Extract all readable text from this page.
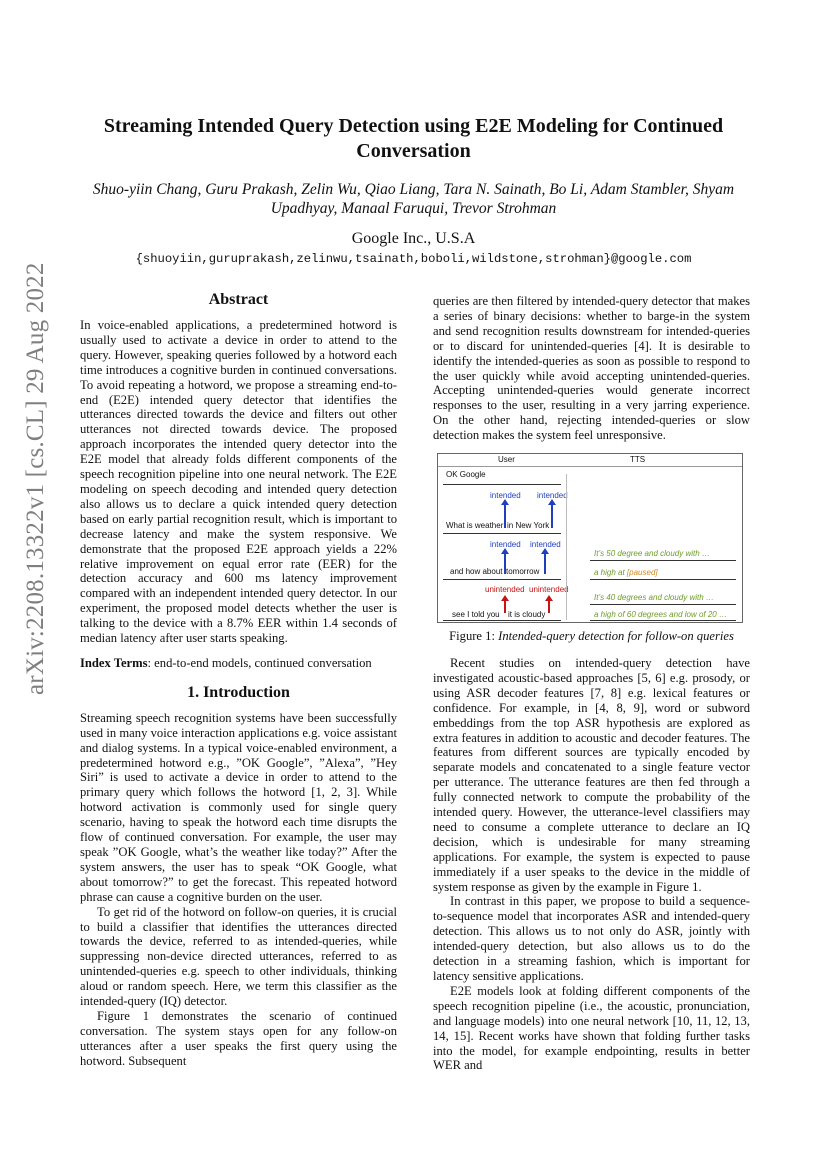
arXiv:2208.13322v1 [cs.CL] 29 Aug 2022
Streaming Intended Query Detection using E2E Modeling for Continued Conversation

Shuo-yiin Chang, Guru Prakash, Zelin Wu, Qiao Liang, Tara N. Sainath, Bo Li, Adam Stambler, Shyam Upadhyay, Manaal Faruqui, Trevor Strohman

Google Inc., U.S.A
{shuoyiin,guruprakash,zelinwu,tsainath,boboli,wildstone,strohman}@google.com
Abstract

In voice-enabled applications, a predetermined hotword is usually used to activate a device in order to attend to the query. However, speaking queries followed by a hotword each time introduces a cognitive burden in continued conversations. To avoid repeating a hotword, we propose a streaming end-to-end (E2E) intended query detector that identifies the utterances directed towards the device and filters out other utterances not directed towards device. The proposed approach incorporates the intended query detector into the E2E model that already folds different components of the speech recognition pipeline into one neural network. The E2E modeling on speech decoding and intended query detection also allows us to declare a quick intended query detection based on early partial recognition result, which is important to decrease latency and make the system responsive. We demonstrate that the proposed E2E approach yields a 22% relative improvement on equal error rate (EER) for the detection accuracy and 600 ms latency improvement compared with an independent intended query detector. In our experiment, the proposed model detects whether the user is talking to the device with a 8.7% EER within 1.4 seconds of median latency after user starts speaking.

Index Terms: end-to-end models, continued conversation

1. Introduction

Streaming speech recognition systems have been successfully used in many voice interaction applications e.g. voice assistant and dialog systems. In a typical voice-enabled environment, a predetermined hotword e.g., ”OK Google”, ”Alexa”, ”Hey Siri” is used to activate a device in order to attend to the primary query which follows the hotword [1, 2, 3]. While hotword activation is commonly used for single query scenario, having to speak the hotword each time disrupts the flow of continued conversation. For example, the user may speak ”OK Google, what’s the weather like today?” After the system answers, the user has to speak “OK Google, what about tomorrow?” to get the forecast. This repeated hotword phrase can cause a cognitive burden on the user.

To get rid of the hotword on follow-on queries, it is crucial to build a classifier that identifies the utterances directed towards the device, referred to as intended-queries, while suppressing non-device directed utterances, referred to as unintended-queries e.g. speech to other individuals, thinking aloud or random speech. Here, we term this classifier as the intended-query (IQ) detector.

Figure 1 demonstrates the scenario of continued conversation. The system stays open for any follow-on utterances after a user speaks the first query using the hotword. Subsequent

queries are then filtered by intended-query detector that makes a series of binary decisions: whether to barge-in the system and send recognition results downstream for intended-queries or to discard for unintended-queries [4]. It is desirable to identify the intended-queries as soon as possible to respond to the user quickly while avoid accepting unintended-queries. Accepting unintended-queries would generate incorrect responses to the user, resulting in a very jarring experience. On the other hand, rejecting intended-queries or slow detection makes the system feel unresponsive.

User	TTS
OK Google
intended intended
What is weather in New York
intended intended
and how about tomorrow
It’s 50 degree and cloudy with …
a high at [paused]
unintended unintended
see I told you it is cloudy
It’s 40 degrees and cloudy with …
a high of 60 degrees and low of 20 …

Figure 1: Intended-query detection for follow-on queries

Recent studies on intended-query detection have investigated acoustic-based approaches [5, 6] e.g. prosody, or using ASR decoder features [7, 8] e.g. lexical features or confidence. For example, in [4, 8, 9], word or subword embeddings from the top ASR hypothesis are explored as extra features in addition to acoustic and decoder features. The features from different sources are typically encoded by separate models and concatenated to a single feature vector per utterance. The utterance features are then fed through a fully connected network to compute the probability of the intended query. However, the utterance-level classifiers may need to consume a complete utterance to declare an IQ decision, which is undesirable for many streaming applications. For example, the system is expected to pause immediately if a user speaks to the device in the middle of system response as given by the example in Figure 1.

In contrast in this paper, we propose to build a sequence-to-sequence model that incorporates ASR and intended-query detection. This allows us to not only do ASR, jointly with intended-query detection, but also allows us to do the detection in a streaming fashion, which is important for latency sensitive applications.

E2E models look at folding different components of the speech recognition pipeline (i.e., the acoustic, pronunciation, and language models) into one neural network [10, 11, 12, 13, 14, 15]. Recent works have shown that folding further tasks into the model, for example endpointing, results in better WER and
